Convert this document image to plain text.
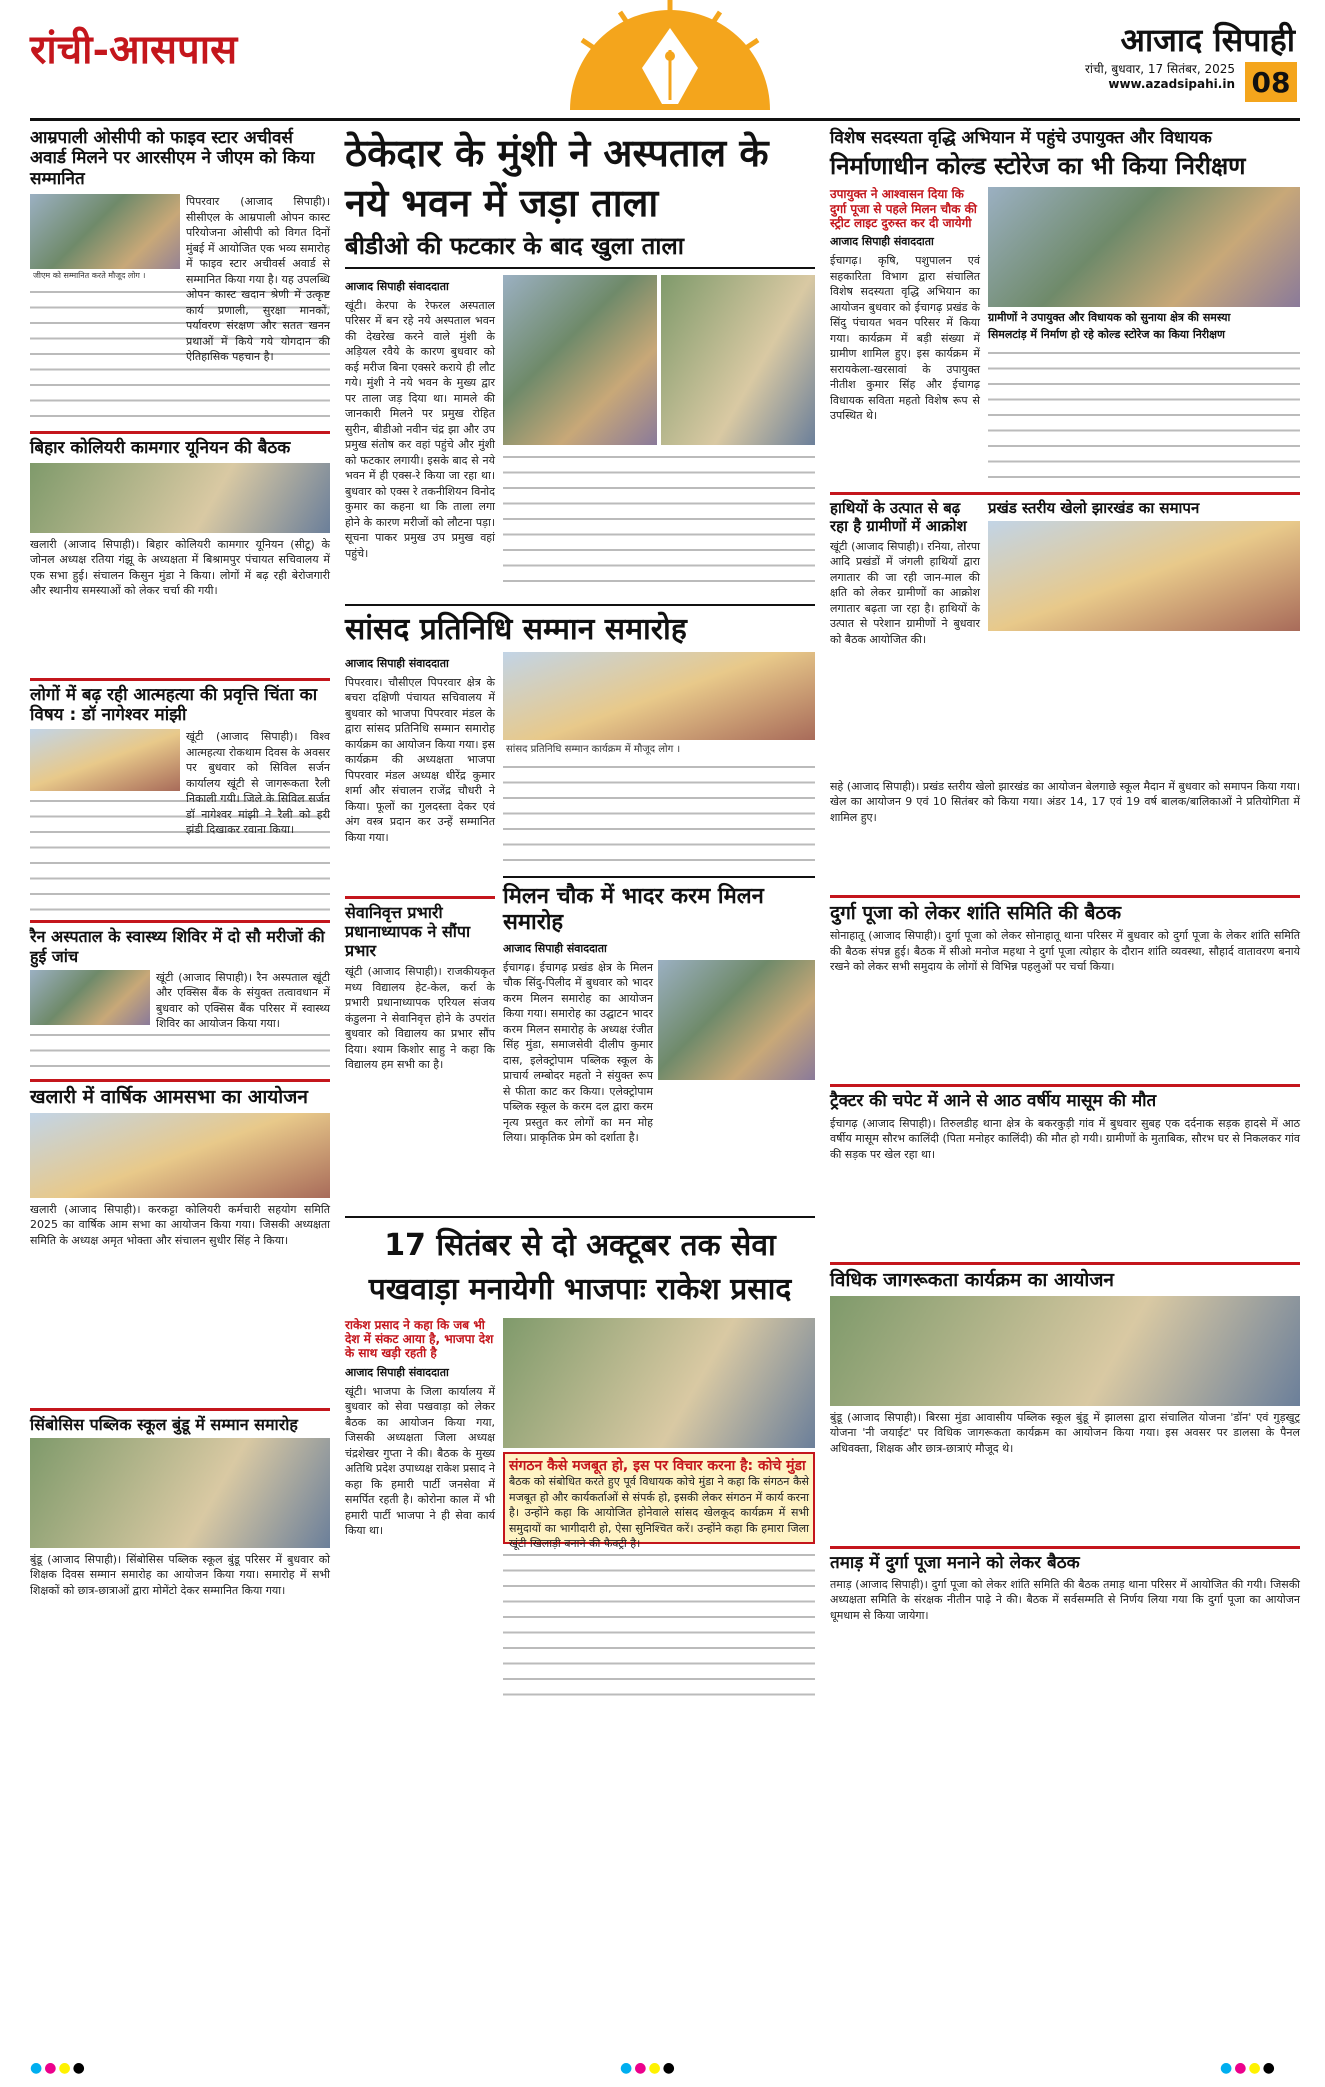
रांची-आसपास	आजाद सिपाही
रांची, बुधवार, 17 सितंबर, 2025
www.azadsipahi.in 08
आम्रपाली ओसीपी को फाइव स्टार अचीवर्स अवार्ड मिलने पर आरसीएम ने जीएम को किया सम्मानित
जीएम को सम्मानित करते मौजूद लोग ।
पिपरवार (आजाद सिपाही)। सीसीएल के आम्रपाली ओपन कास्ट परियोजना ओसीपी को विगत दिनों मुंबई में आयोजित एक भव्य समारोह में फाइव स्टार अचीवर्स अवार्ड से सम्मानित किया गया है। यह उपलब्धि ओपन कास्ट खदान श्रेणी में उत्कृष्ट कार्य प्रणाली, सुरक्षा मानकों, पर्यावरण संरक्षण और सतत खनन प्रथाओं में किये गये योगदान की ऐतिहासिक पहचान है।
बिहार कोलियरी कामगार यूनियन की बैठक
खलारी (आजाद सिपाही)। बिहार कोलियरी कामगार यूनियन (सीटू) के जोनल अध्यक्ष रतिया गंझू के अध्यक्षता में बिश्रामपुर पंचायत सचिवालय में एक सभा हुई। संचालन किसुन मुंडा ने किया। लोगों में बढ़ रही बेरोजगारी और स्थानीय समस्याओं को लेकर चर्चा की गयी।
लोगों में बढ़ रही आत्महत्या की प्रवृत्ति चिंता का विषय : डॉ नागेश्वर मांझी
खूंटी (आजाद सिपाही)। विश्व आत्महत्या रोकथाम दिवस के अवसर पर बुधवार को सिविल सर्जन कार्यालय खूंटी से जागरूकता रैली निकाली गयी। जिले के सिविल सर्जन डॉ नागेश्वर मांझी ने रैली को हरी झंडी दिखाकर रवाना किया।
रैन अस्पताल के स्वास्थ्य शिविर में दो सौ मरीजों की हुई जांच
खूंटी (आजाद सिपाही)। रैन अस्पताल खूंटी और एक्सिस बैंक के संयुक्त तत्वावधान में बुधवार को एक्सिस बैंक परिसर में स्वास्थ्य शिविर का आयोजन किया गया।
खलारी में वार्षिक आमसभा का आयोजन
खलारी (आजाद सिपाही)। करकट्टा कोलियरी कर्मचारी सहयोग समिति 2025 का वार्षिक आम सभा का आयोजन किया गया। जिसकी अध्यक्षता समिति के अध्यक्ष अमृत भोक्ता और संचालन सुधीर सिंह ने किया।
सिंबोसिस पब्लिक स्कूल बुंडू में सम्मान समारोह
बुंडू (आजाद सिपाही)। सिंबोसिस पब्लिक स्कूल बुंडू परिसर में बुधवार को शिक्षक दिवस सम्मान समारोह का आयोजन किया गया। समारोह में सभी शिक्षकों को छात्र-छात्राओं द्वारा मोमेंटो देकर सम्मानित किया गया।
ठेकेदार के मुंशी ने अस्पताल के नये भवन में जड़ा ताला
बीडीओ की फटकार के बाद खुला ताला
आजाद सिपाही संवाददाता
खूंटी। केरपा के रेफरल अस्पताल परिसर में बन रहे नये अस्पताल भवन की देखरेख करने वाले मुंशी के अड़ियल रवैये के कारण बुधवार को कई मरीज बिना एक्सरे कराये ही लौट गये। मुंशी ने नये भवन के मुख्य द्वार पर ताला जड़ दिया था। मामले की जानकारी मिलने पर प्रमुख रोहित सुरीन, बीडीओ नवीन चंद्र झा और उप प्रमुख संतोष कर वहां पहुंचे और मुंशी को फटकार लगायी। इसके बाद से नये भवन में ही एक्स-रे किया जा रहा था। बुधवार को एक्स रे तकनीशियन विनोद कुमार का कहना था कि ताला लगा होने के कारण मरीजों को लौटना पड़ा। सूचना पाकर प्रमुख उप प्रमुख वहां पहुंचे।
सांसद प्रतिनिधि सम्मान समारोह
आजाद सिपाही संवाददाता
पिपरवार। चौसीएल पिपरवार क्षेत्र के बचरा दक्षिणी पंचायत सचिवालय में बुधवार को भाजपा पिपरवार मंडल के द्वारा सांसद प्रतिनिधि सम्मान समारोह कार्यक्रम का आयोजन किया गया। इस कार्यक्रम की अध्यक्षता भाजपा पिपरवार मंडल अध्यक्ष धीरेंद्र कुमार शर्मा और संचालन राजेंद्र चौधरी ने किया। फूलों का गुलदस्ता देकर एवं अंग वस्त्र प्रदान कर उन्हें सम्मानित किया गया।
सेवानिवृत्त प्रभारी प्रधानाध्यापक ने सौंपा प्रभार
खूंटी (आजाद सिपाही)। राजकीयकृत मध्य विद्यालय हेट-केल, कर्रा के प्रभारी प्रधानाध्यापक एरियल संजय कंडुलना ने सेवानिवृत्त होने के उपरांत बुधवार को विद्यालय का प्रभार सौंप दिया। श्याम किशोर साहु ने कहा कि विद्यालय हम सभी का है।
सांसद प्रतिनिधि सम्मान कार्यक्रम में मौजूद लोग ।
मिलन चौक में भादर करम मिलन समारोह
आजाद सिपाही संवाददाता
ईचागढ़। ईचागढ़ प्रखंड क्षेत्र के मिलन चौक सिंदु-पिलीद में बुधवार को भादर करम मिलन समारोह का आयोजन किया गया। समारोह का उद्घाटन भादर करम मिलन समारोह के अध्यक्ष रंजीत सिंह मुंडा, समाजसेवी दीलीप कुमार दास, इलेक्ट्रोपाम पब्लिक स्कूल के प्राचार्य लम्बोदर महतो ने संयुक्त रूप से फीता काट कर किया। एलेक्ट्रोपाम पब्लिक स्कूल के करम दल द्वारा करम नृत्य प्रस्तुत कर लोगों का मन मोह लिया। प्राकृतिक प्रेम को दर्शाता है।
17 सितंबर से दो अक्टूबर तक सेवा पखवाड़ा मनायेगी भाजपाः राकेश प्रसाद
राकेश प्रसाद ने कहा कि जब भी देश में संकट आया है, भाजपा देश के साथ खड़ी रहती है
आजाद सिपाही संवाददाता
खूंटी। भाजपा के जिला कार्यालय में बुधवार को सेवा पखवाड़ा को लेकर बैठक का आयोजन किया गया, जिसकी अध्यक्षता जिला अध्यक्ष चंद्रशेखर गुप्ता ने की। बैठक के मुख्य अतिथि प्रदेश उपाध्यक्ष राकेश प्रसाद ने कहा कि हमारी पार्टी जनसेवा में समर्पित रहती है। कोरोना काल में भी हमारी पार्टी भाजपा ने ही सेवा कार्य किया था।
संगठन कैसे मजबूत हो, इस पर विचार करना है: कोचे मुंडा
बैठक को संबोधित करते हुए पूर्व विधायक कोचे मुंडा ने कहा कि संगठन कैसे मजबूत हो और कार्यकर्ताओं से संपर्क हो, इसकी लेकर संगठन में कार्य करना है। उन्होंने कहा कि आयोजित होनेवाले सांसद खेलकूद कार्यक्रम में सभी समुदायों का भागीदारी हो, ऐसा सुनिश्चित करें। उन्होंने कहा कि हमारा जिला खूंटी खिलाड़ी बनाने की फैक्ट्री है।
विशेष सदस्यता वृद्धि अभियान में पहुंचे उपायुक्त और विधायक
निर्माणाधीन कोल्ड स्टोरेज का भी किया निरीक्षण
उपायुक्त ने आश्वासन दिया कि दुर्गा पूजा से पहले मिलन चौक की स्ट्रीट लाइट दुरुस्त कर दी जायेगी
आजाद सिपाही संवाददाता
ईचागढ़। कृषि, पशुपालन एवं सहकारिता विभाग द्वारा संचालित विशेष सदस्यता वृद्धि अभियान का आयोजन बुधवार को ईचागढ़ प्रखंड के सिंदु पंचायत भवन परिसर में किया गया। कार्यक्रम में बड़ी संख्या में ग्रामीण शामिल हुए। इस कार्यक्रम में सरायकेला-खरसावां के उपायुक्त नीतीश कुमार सिंह और ईचागढ़ विधायक सविता महतो विशेष रूप से उपस्थित थे।
ग्रामीणों ने उपायुक्त और विधायक को सुनाया क्षेत्र की समस्या
सिमलटांड़ में निर्माण हो रहे कोल्ड स्टोरेज का किया निरीक्षण
हाथियों के उत्पात से बढ़ रहा है ग्रामीणों में आक्रोश
खूंटी (आजाद सिपाही)। रनिया, तोरपा आदि प्रखंडों में जंगली हाथियों द्वारा लगातार की जा रही जान-माल की क्षति को लेकर ग्रामीणों का आक्रोश लगातार बढ़ता जा रहा है। हाथियों के उत्पात से परेशान ग्रामीणों ने बुधवार को बैठक आयोजित की।
प्रखंड स्तरीय खेलो झारखंड का समापन
सहे (आजाद सिपाही)। प्रखंड स्तरीय खेलो झारखंड का आयोजन बेलगाछे स्कूल मैदान में बुधवार को समापन किया गया। खेल का आयोजन 9 एवं 10 सितंबर को किया गया। अंडर 14, 17 एवं 19 वर्ष बालक/बालिकाओं ने प्रतियोगिता में शामिल हुए।
दुर्गा पूजा को लेकर शांति समिति की बैठक
सोनाहातू (आजाद सिपाही)। दुर्गा पूजा को लेकर सोनाहातू थाना परिसर में बुधवार को दुर्गा पूजा के लेकर शांति समिति की बैठक संपन्न हुई। बैठक में सीओ मनोज महथा ने दुर्गा पूजा त्योहार के दौरान शांति व्यवस्था, सौहार्द वातावरण बनाये रखने को लेकर सभी समुदाय के लोगों से विभिन्न पहलुओं पर चर्चा किया।
ट्रैक्टर की चपेट में आने से आठ वर्षीय मासूम की मौत
ईचागढ़ (आजाद सिपाही)। तिरुलडीह थाना क्षेत्र के बकरकुड़ी गांव में बुधवार सुबह एक दर्दनाक सड़क हादसे में आठ वर्षीय मासूम सौरभ कालिंदी (पिता मनोहर कालिंदी) की मौत हो गयी। ग्रामीणों के मुताबिक, सौरभ घर से निकलकर गांव की सड़क पर खेल रहा था।
विधिक जागरूकता कार्यक्रम का आयोजन
बुंडू (आजाद सिपाही)। बिरसा मुंडा आवासीय पब्लिक स्कूल बुंडू में झालसा द्वारा संचालित योजना 'डॉन' एवं गुड़खुट्र योजना 'नी जयाईट' पर विधिक जागरूकता कार्यक्रम का आयोजन किया गया। इस अवसर पर डालसा के पैनल अधिवक्ता, शिक्षक और छात्र-छात्राएं मौजूद थे।
तमाड़ में दुर्गा पूजा मनाने को लेकर बैठक
तमाड़ (आजाद सिपाही)। दुर्गा पूजा को लेकर शांति समिति की बैठक तमाड़ थाना परिसर में आयोजित की गयी। जिसकी अध्यक्षता समिति के संरक्षक नीतीन पाढ़े ने की। बैठक में सर्वसम्मति से निर्णय लिया गया कि दुर्गा पूजा का आयोजन धूमधाम से किया जायेगा।
●●●●	●●●●	●●●●
